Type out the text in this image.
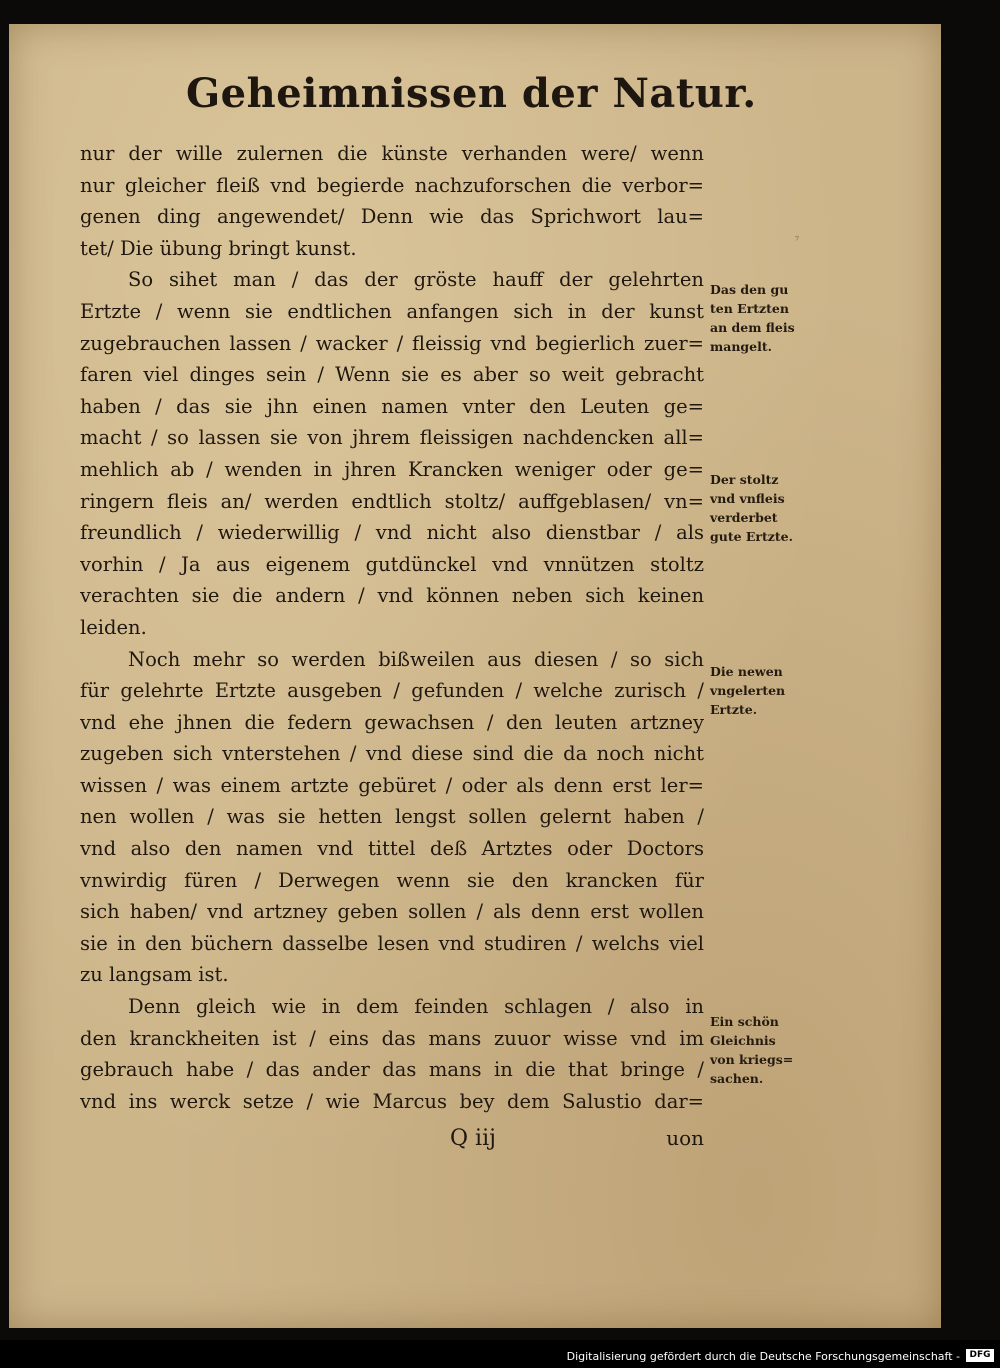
Geheimnissen der Natur.
⁷
nur der wille zulernen die künste verhanden were/ wenn
nur gleicher fleiß vnd begierde nachzuforschen die verbor=
genen ding angewendet/ Denn wie das Sprichwort lau=
tet/ Die übung bringt kunst.
So sihet man / das der gröste hauff der gelehrten
Ertzte / wenn sie endtlichen anfangen sich in der kunst
zugebrauchen lassen / wacker / fleissig vnd begierlich zuer=
faren viel dinges sein / Wenn sie es aber so weit gebracht
haben / das sie jhn einen namen vnter den Leuten ge=
macht / so lassen sie von jhrem fleissigen nachdencken all=
mehlich ab / wenden in jhren Krancken weniger oder ge=
ringern fleis an/ werden endtlich stoltz/ auffgeblasen/ vn=
freundlich / wiederwillig / vnd nicht also dienstbar / als
vorhin / Ja aus eigenem gutdünckel vnd vnnützen stoltz
verachten sie die andern / vnd können neben sich keinen
leiden.
Noch mehr so werden bißweilen aus diesen / so sich
für gelehrte Ertzte ausgeben / gefunden / welche zurisch /
vnd ehe jhnen die federn gewachsen / den leuten artzney
zugeben sich vnterstehen / vnd diese sind die da noch nicht
wissen / was einem artzte gebüret / oder als denn erst ler=
nen wollen / was sie hetten lengst sollen gelernt haben /
vnd also den namen vnd tittel deß Artztes oder Doctors
vnwirdig füren / Derwegen wenn sie den krancken für
sich haben/ vnd artzney geben sollen / als denn erst wollen
sie in den büchern dasselbe lesen vnd studiren / welchs viel
zu langsam ist.
Denn gleich wie in dem feinden schlagen / also in
den kranckheiten ist / eins das mans zuuor wisse vnd im
gebrauch habe / das ander das mans in die that bringe /
vnd ins werck setze / wie Marcus bey dem Salustio dar=
Das den gu
ten Ertzten
an dem fleis
mangelt.
Der stoltz
vnd vnfleis
verderbet
gute Ertzte.
Die newen
vngelerten
Ertzte.
Ein schön
Gleichnis
von kriegs=
sachen.
Q iij	uon
Digitalisierung gefördert durch die Deutsche Forschungsgemeinschaft -	DFG
